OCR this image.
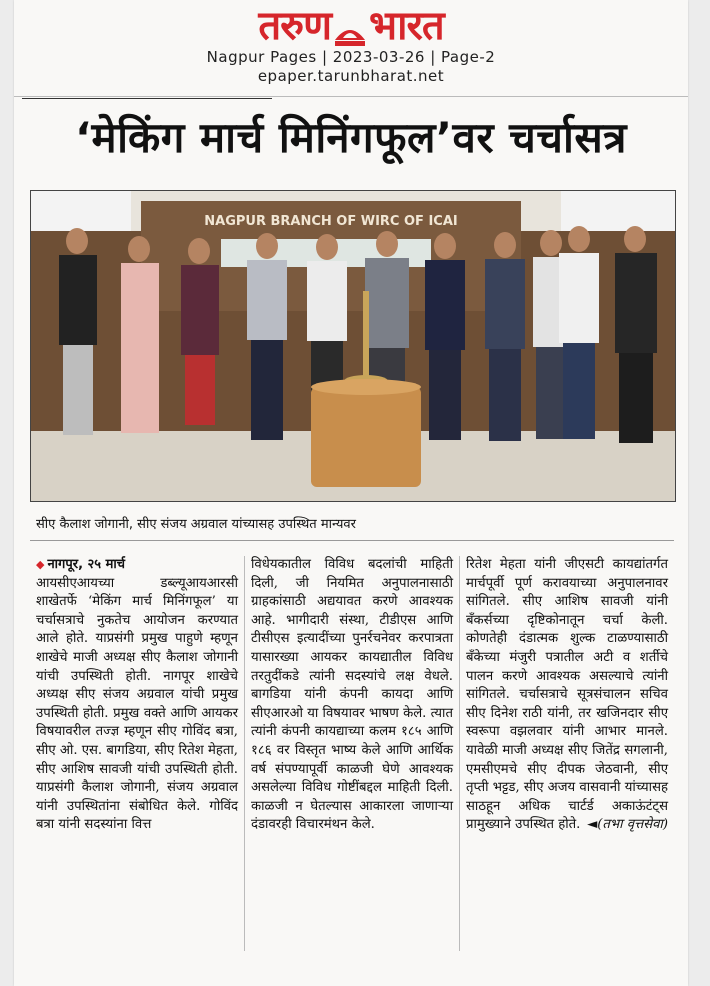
तरुण भारत
Nagpur Pages | 2023-03-26 | Page-2
epaper.tarunbharat.net
‘मेकिंग मार्च मिनिंगफूल’वर चर्चासत्र
NAGPUR BRANCH OF WIRC OF ICAI
सीए कैलाश जोगानी, सीए संजय अग्रवाल यांच्यासह उपस्थित मान्यवर
◆ नागपूर, २५ मार्च
आयसीएआयच्या डब्ल्यूआयआरसी शाखेतर्फे ‘मेकिंग मार्च मिनिंगफूल’ या चर्चासत्राचे नुकतेच आयोजन करण्यात आले होते. याप्रसंगी प्रमुख पाहुणे म्हणून शाखेचे माजी अध्यक्ष सीए कैलाश जोगानी यांची उपस्थिती होती. नागपूर शाखेचे अध्यक्ष सीए संजय अग्रवाल यांची प्रमुख उपस्थिती होती. प्रमुख वक्ते आणि आयकर विषयावरील तज्ज्ञ म्हणून सीए गोविंद बत्रा, सीए ओ. एस. बागडिया, सीए रितेश मेहता, सीए आशिष सावजी यांची उपस्थिती होती. याप्रसंगी कैलाश जोगानी, संजय अग्रवाल यांनी उपस्थितांना संबोधित केले. गोविंद बत्रा यांनी सदस्यांना वित्त
विधेयकातील विविध बदलांची माहिती दिली, जी नियमित अनुपालनासाठी ग्राहकांसाठी अद्ययावत करणे आवश्यक आहे. भागीदारी संस्था, टीडीएस आणि टीसीएस इत्यादींच्या पुनर्रचनेवर करपात्रता यासारख्या आयकर कायद्यातील विविध तरतुदींकडे त्यांनी सदस्यांचे लक्ष वेधले. बागडिया यांनी कंपनी कायदा आणि सीएआरओ या विषयावर भाषण केले. त्यात त्यांनी कंपनी कायद्याच्या कलम १८५ आणि १८६ वर विस्तृत भाष्य केले आणि आर्थिक वर्ष संपण्यापूर्वी काळजी घेणे आवश्यक असलेल्या विविध गोष्टींबद्दल माहिती दिली. काळजी न घेतल्यास आकारला जाणाऱ्या दंडावरही विचारमंथन केले.
रितेश मेहता यांनी जीएसटी कायद्यांतर्गत मार्चपूर्वी पूर्ण करावयाच्या अनुपालनावर सांगितले. सीए आशिष सावजी यांनी बँकर्सच्या दृष्टिकोनातून चर्चा केली. कोणतेही दंडात्मक शुल्क टाळण्यासाठी बँकेच्या मंजुरी पत्रातील अटी व शर्तीचे पालन करणे आवश्यक असल्याचे त्यांनी सांगितले. चर्चासत्राचे सूत्रसंचालन सचिव सीए दिनेश राठी यांनी, तर खजिनदार सीए स्वरूपा वझलवार यांनी आभार मानले. यावेळी माजी अध्यक्ष सीए जितेंद्र सगलानी, एमसीएमचे सीए दीपक जेठवानी, सीए तृप्ती भट्टड, सीए अजय वासवानी यांच्यासह साठहून अधिक चार्टर्ड अकाऊंटंट्स प्रामुख्याने उपस्थित होते. ◄(तभा वृत्तसेवा)
